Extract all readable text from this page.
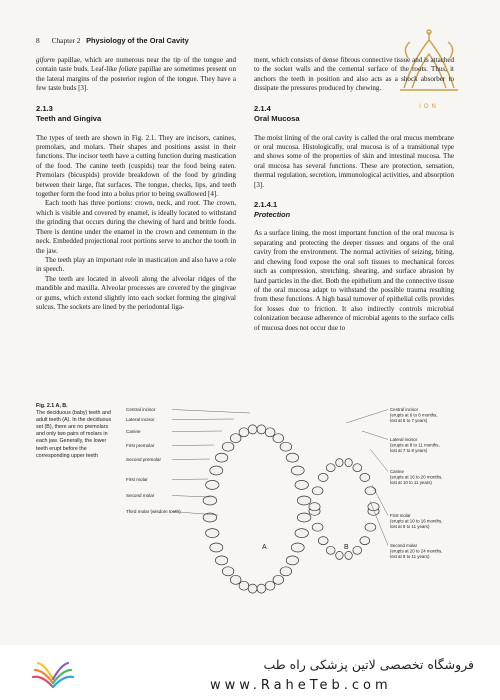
8 Chapter 2 Physiology of the Oral Cavity
ION

giform papillae, which are numerous near the tip of the tongue and contain taste buds. Leaf-like foliate papillae are sometimes present on the lateral margins of the posterior region of the tongue. They have a few taste buds [3].

2.1.3
Teeth and Gingiva

The types of teeth are shown in Fig. 2.1. They are incisors, canines, premolars, and molars. Their shapes and positions assist in their functions. The incisor teeth have a cutting function during mastication of the food. The canine teeth (cuspids) tear the food being eaten. Premolars (bicuspids) provide breakdown of the food by grinding between their large, flat surfaces. The tongue, checks, lips, and teeth together form the food into a bolus prior to being swallowed [4].

Each tooth has three portions: crown, neck, and root. The crown, which is visible and covered by enamel, is ideally located to withstand the grinding that occurs during the chewing of hard and brittle foods. There is dentine under the enamel in the crown and cementum in the neck. Embedded projectional root portions serve to anchor the tooth in the jaw.

The teeth play an important role in mastication and also have a role in speech.

The teeth are located in alveoli along the alveolar ridges of the mandible and maxilla. Alveolar processes are covered by the gingivae or gums, which extend slightly into each socket forming the gingival sulcus. The sockets are lined by the periodontal liga-

ment, which consists of dense fibrous connective tissue and is attached to the socket walls and the cemental surface of the roots. Thus, it anchors the teeth in position and also acts as a shock absorber to dissipate the pressures produced by chewing.

2.1.4
Oral Mucosa

The moist lining of the oral cavity is called the oral mucus membrane or oral mucosa. Histologically, oral mucosa is of a transitional type and shows some of the properties of skin and intestinal mucosa. The oral mucosa has several functions. These are protection, sensation, thermal regulation, secretion, immunological activities, and absorption [3].

2.1.4.1
Protection

As a surface lining, the most important function of the oral mucosa is separating and protecting the deeper tissues and organs of the oral cavity from the environment. The normal activities of seizing, biting, and chewing food expose the oral soft tissues to mechanical forces such as compression, stretching, shearing, and surface abrasion by hard particles in the diet. Both the epithelium and the connective tissue of the oral mucosa adapt to withstand the possible trauma resulting from these functions. A high basal turnover of epithelial cells provides for losses due to friction. It also indirectly controls microbial colonization because adherence of microbial agents to the surface cells of mucosa does not occur due to

Fig. 2.1 A, B.
The deciduous (baby) teeth and adult teeth (A). In the deciduous set (B), there are no premolars and only two pairs of molars in each jaw. Generally, the lower teeth erupt before the corresponding upper teeth
Central incisor
Lateral incisor
Canine
First premolar
Second premolar
First molar
Second molar
Third molar (wisdom tooth)
Central incisor
(erupts at 6 to 8 months,
lost at 6 to 7 years)
Lateral incisor
(erupts at 8 to 11 months,
lost at 7 to 8 years)
Canine
(erupts at 16 to 20 months,
lost at 10 to 11 years)
First molar
(erupts at 10 to 16 months,
lost at 9 to 11 years)
Second molar
(erupts at 20 to 24 months,
lost at 9 to 11 years)
A	B
فروشگاه تخصصی لاتین پزشکی راه طب
www.RaheTeb.com
